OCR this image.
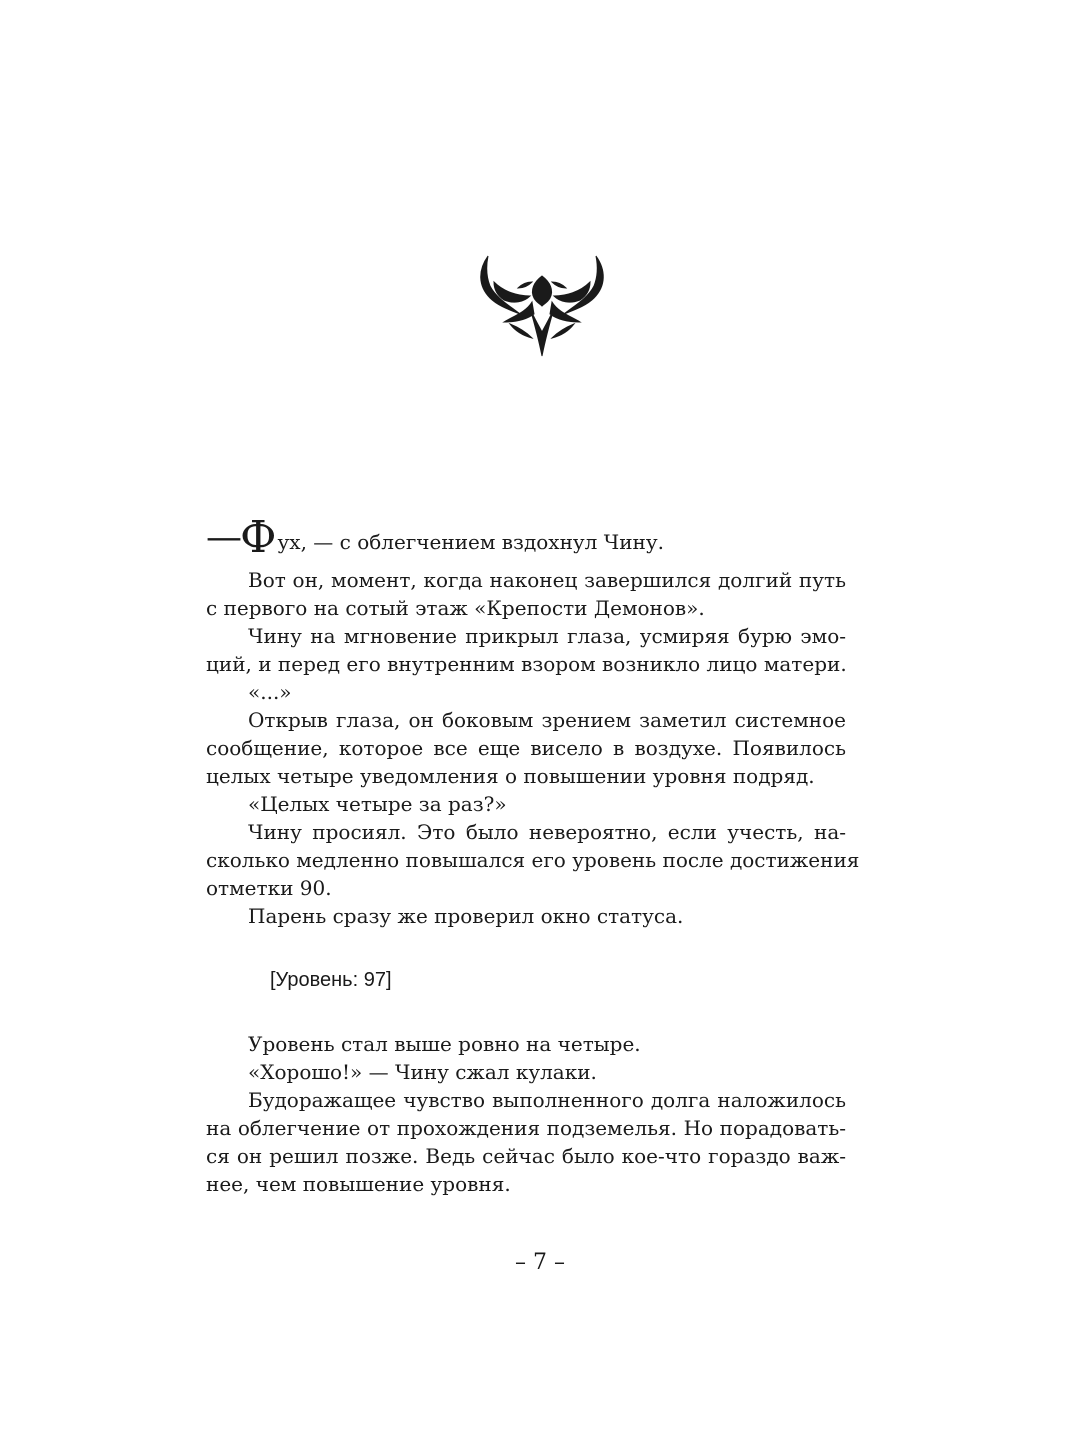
— Ф ух, — с облегчением вздохнул Чину.
Вот он, момент, когда наконец завершился долгий путь
с первого на сотый этаж «Крепости Демонов».
Чину на мгновение прикрыл глаза, усмиряя бурю эмо-
ций, и перед его внутренним взором возникло лицо матери.
«...»
Открыв глаза, он боковым зрением заметил системное
сообщение, которое все еще висело в воздухе. Появилось
целых четыре уведомления о повышении уровня подряд.
«Целых четыре за раз?»
Чину просиял. Это было невероятно, если учесть, на-
сколько медленно повышался его уровень после достижения
отметки 90.
Парень сразу же проверил окно статуса.
[Уровень: 97]
Уровень стал выше ровно на четыре.
«Хорошо!» — Чину сжал кулаки.
Будоражащее чувство выполненного долга наложилось
на облегчение от прохождения подземелья. Но порадовать-
ся он решил позже. Ведь сейчас было кое-что гораздо важ-
нее, чем повышение уровня.
– 7 –
